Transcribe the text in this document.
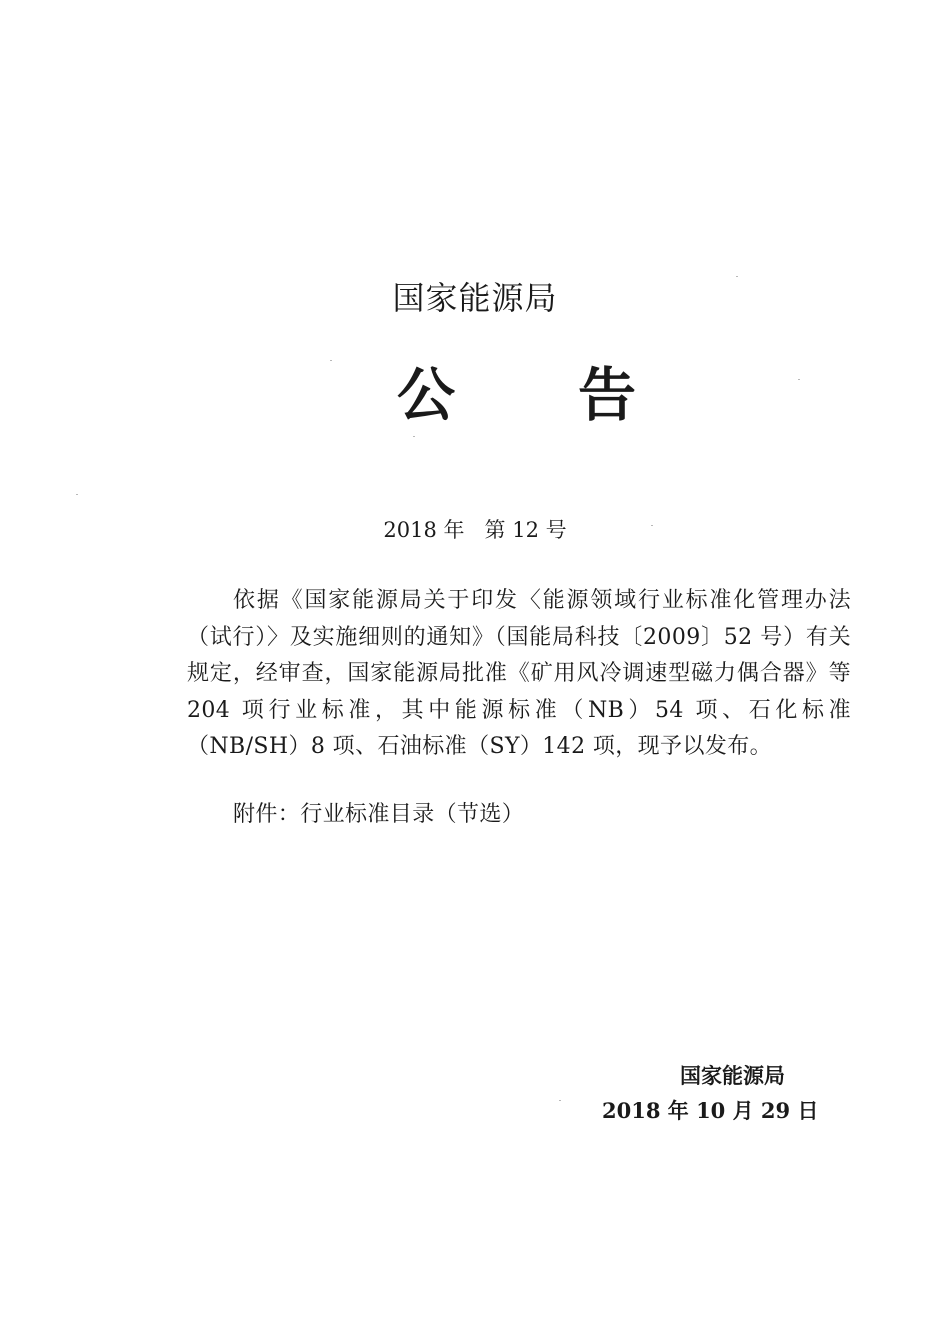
国家能源局
公 告
2018 年   第 12 号

依据《国家能源局关于印发〈能源领域行业标准化管理办法（试行）〉及实施细则的通知》（国能局科技〔2009〕52 号）有关规定，经审查，国家能源局批准《矿用风冷调速型磁力偶合器》等 204 项行业标准，其中能源标准（NB）54 项、石化标准（NB/SH）8 项、石油标准（SY）142 项，现予以发布。

附件：行业标准目录（节选）
国家能源局
2018 年 10 月 29 日
